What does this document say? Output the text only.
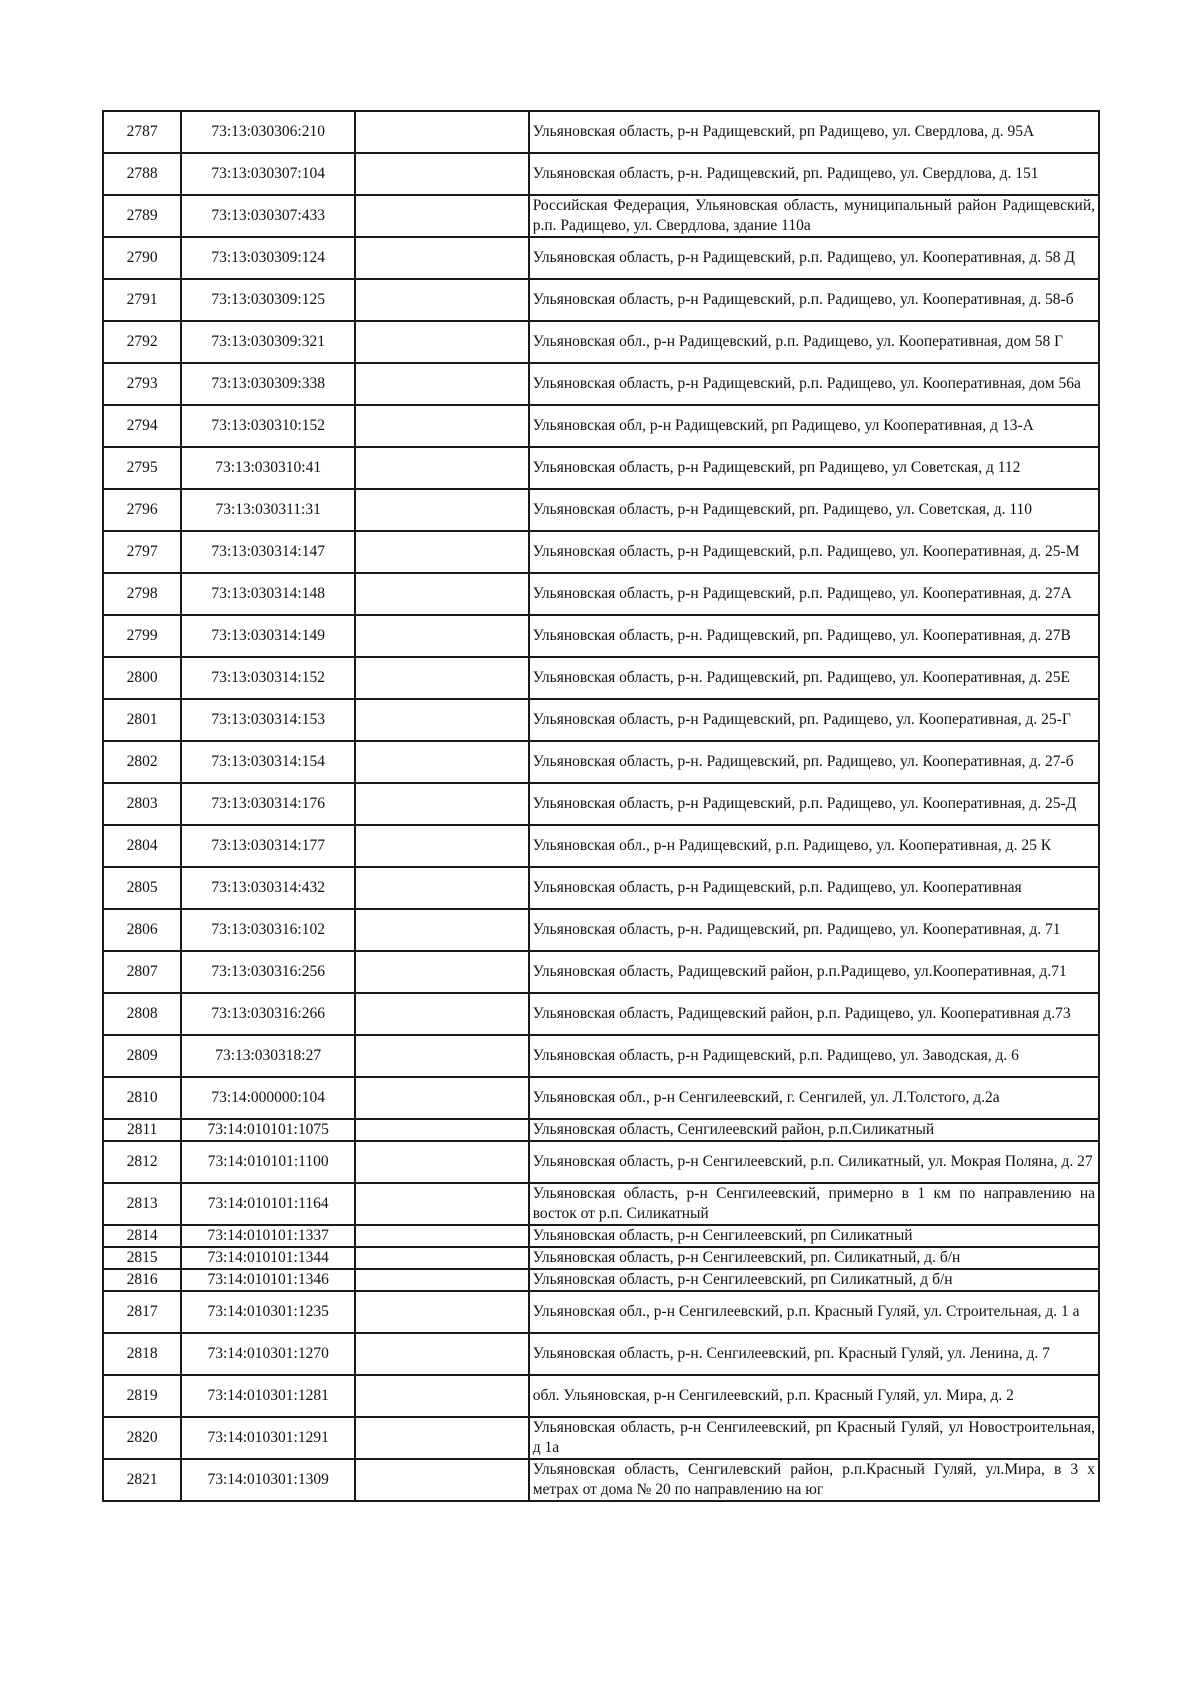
2787	73:13:030306:210		Ульяновская область, р-н Радищевский, рп Радищево, ул. Свердлова, д. 95А
2788	73:13:030307:104		Ульяновская область, р-н. Радищевский, рп. Радищево, ул. Свердлова, д. 151
2789	73:13:030307:433		Российская Федерация, Ульяновская область, муниципальный район Радищевский, р.п. Радищево, ул. Свердлова, здание 110а
2790	73:13:030309:124		Ульяновская область, р-н Радищевский, р.п. Радищево, ул. Кооперативная, д. 58 Д
2791	73:13:030309:125		Ульяновская область, р-н Радищевский, р.п. Радищево, ул. Кооперативная, д. 58-б
2792	73:13:030309:321		Ульяновская обл., р-н Радищевский, р.п. Радищево, ул. Кооперативная, дом 58 Г
2793	73:13:030309:338		Ульяновская область, р-н Радищевский, р.п. Радищево, ул. Кооперативная, дом 56а
2794	73:13:030310:152		Ульяновская обл, р-н Радищевский, рп Радищево, ул Кооперативная, д 13-А
2795	73:13:030310:41		Ульяновская область, р-н Радищевский, рп Радищево, ул Советская, д 112
2796	73:13:030311:31		Ульяновская область, р-н Радищевский, рп. Радищево, ул. Советская, д. 110
2797	73:13:030314:147		Ульяновская область, р-н Радищевский, р.п. Радищево, ул. Кооперативная, д. 25-М
2798	73:13:030314:148		Ульяновская область, р-н Радищевский, р.п. Радищево, ул. Кооперативная, д. 27А
2799	73:13:030314:149		Ульяновская область, р-н. Радищевский, рп. Радищево, ул. Кооперативная, д. 27В
2800	73:13:030314:152		Ульяновская область, р-н. Радищевский, рп. Радищево, ул. Кооперативная, д. 25Е
2801	73:13:030314:153		Ульяновская область, р-н Радищевский, рп. Радищево, ул. Кооперативная, д. 25-Г
2802	73:13:030314:154		Ульяновская область, р-н. Радищевский, рп. Радищево, ул. Кооперативная, д. 27-б
2803	73:13:030314:176		Ульяновская область, р-н Радищевский, р.п. Радищево, ул. Кооперативная, д. 25-Д
2804	73:13:030314:177		Ульяновская обл., р-н Радищевский, р.п. Радищево, ул. Кооперативная, д. 25 К
2805	73:13:030314:432		Ульяновская область, р-н Радищевский, р.п. Радищево, ул. Кооперативная
2806	73:13:030316:102		Ульяновская область, р-н. Радищевский, рп. Радищево, ул. Кооперативная, д. 71
2807	73:13:030316:256		Ульяновская область, Радищевский район, р.п.Радищево, ул.Кооперативная, д.71
2808	73:13:030316:266		Ульяновская область, Радищевский район, р.п. Радищево, ул. Кооперативная д.73
2809	73:13:030318:27		Ульяновская область, р-н Радищевский, р.п. Радищево, ул. Заводская, д. 6
2810	73:14:000000:104		Ульяновская обл., р-н Сенгилеевский, г. Сенгилей, ул. Л.Толстого, д.2а
2811	73:14:010101:1075		Ульяновская область, Сенгилеевский район, р.п.Силикатный
2812	73:14:010101:1100		Ульяновская область, р-н Сенгилеевский, р.п. Силикатный, ул. Мокрая Поляна, д. 27
2813	73:14:010101:1164		Ульяновская область, р-н Сенгилеевский, примерно в 1 км по направлению на восток от р.п. Силикатный
2814	73:14:010101:1337		Ульяновская область, р-н Сенгилеевский, рп Силикатный
2815	73:14:010101:1344		Ульяновская область, р-н Сенгилеевский, рп. Силикатный, д. б/н
2816	73:14:010101:1346		Ульяновская область, р-н Сенгилеевский, рп Силикатный, д б/н
2817	73:14:010301:1235		Ульяновская обл., р-н Сенгилеевский, р.п. Красный Гуляй, ул. Строительная, д. 1 а
2818	73:14:010301:1270		Ульяновская область, р-н. Сенгилеевский, рп. Красный Гуляй, ул. Ленина, д. 7
2819	73:14:010301:1281		обл. Ульяновская, р-н Сенгилеевский, р.п. Красный Гуляй, ул. Мира, д. 2
2820	73:14:010301:1291		Ульяновская область, р-н Сенгилеевский, рп Красный Гуляй, ул Новостроительная, д 1а
2821	73:14:010301:1309		Ульяновская область, Сенгилевский район, р.п.Красный Гуляй, ул.Мира, в 3 х метрах от дома № 20 по направлению на юг
